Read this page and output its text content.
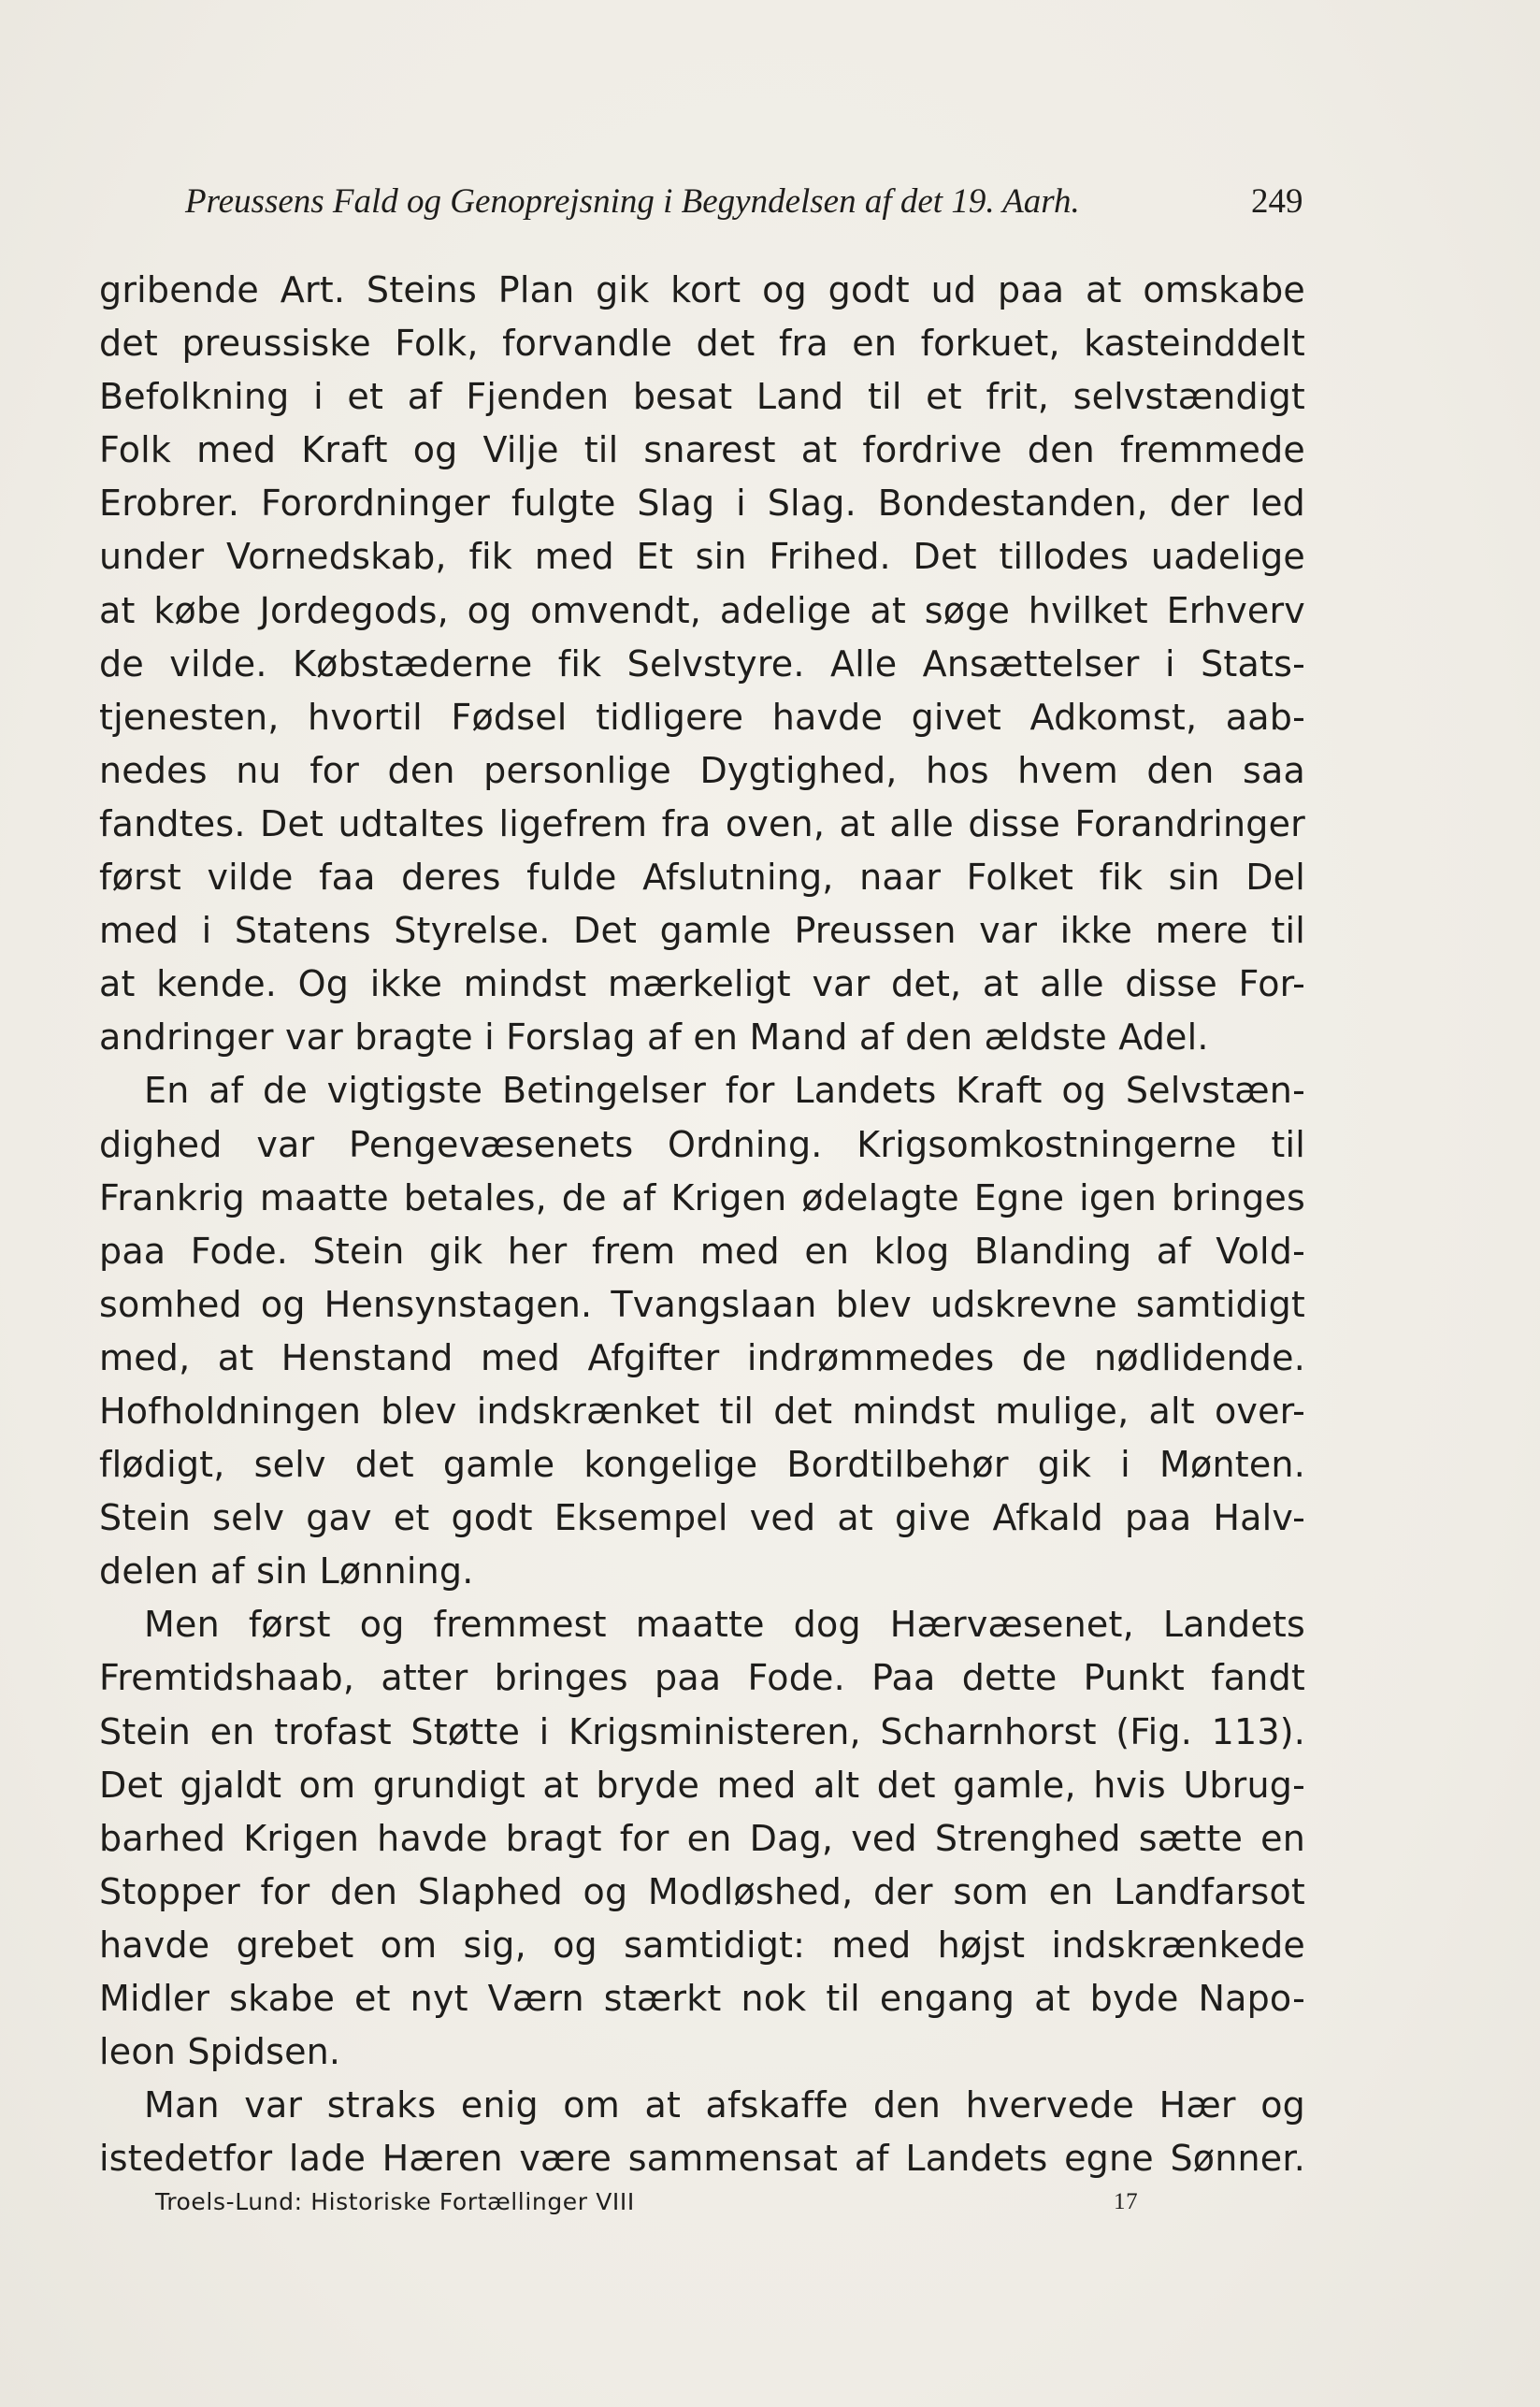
Preussens Fald og Genoprejsning i Begyndelsen af det 19. Aarh.	249
gribende Art. Steins Plan gik kort og godt ud paa at omskabe
det preussiske Folk, forvandle det fra en forkuet, kasteinddelt
Befolkning i et af Fjenden besat Land til et frit, selvstændigt
Folk med Kraft og Vilje til snarest at fordrive den fremmede
Erobrer. Forordninger fulgte Slag i Slag. Bondestanden, der led
under Vornedskab, fik med Et sin Frihed. Det tillodes uadelige
at købe Jordegods, og omvendt, adelige at søge hvilket Erhverv
de vilde. Købstæderne fik Selvstyre. Alle Ansættelser i Stats-
tjenesten, hvortil Fødsel tidligere havde givet Adkomst, aab-
nedes nu for den personlige Dygtighed, hos hvem den saa
fandtes. Det udtaltes ligefrem fra oven, at alle disse Forandringer
først vilde faa deres fulde Afslutning, naar Folket fik sin Del
med i Statens Styrelse. Det gamle Preussen var ikke mere til
at kende. Og ikke mindst mærkeligt var det, at alle disse For-
andringer var bragte i Forslag af en Mand af den ældste Adel.
En af de vigtigste Betingelser for Landets Kraft og Selvstæn-
dighed var Pengevæsenets Ordning. Krigsomkostningerne til
Frankrig maatte betales, de af Krigen ødelagte Egne igen bringes
paa Fode. Stein gik her frem med en klog Blanding af Vold-
somhed og Hensynstagen. Tvangslaan blev udskrevne samtidigt
med, at Henstand med Afgifter indrømmedes de nødlidende.
Hofholdningen blev indskrænket til det mindst mulige, alt over-
flødigt, selv det gamle kongelige Bordtilbehør gik i Mønten.
Stein selv gav et godt Eksempel ved at give Afkald paa Halv-
delen af sin Lønning.
Men først og fremmest maatte dog Hærvæsenet, Landets
Fremtidshaab, atter bringes paa Fode. Paa dette Punkt fandt
Stein en trofast Støtte i Krigsministeren, Scharnhorst (Fig. 113).
Det gjaldt om grundigt at bryde med alt det gamle, hvis Ubrug-
barhed Krigen havde bragt for en Dag, ved Strenghed sætte en
Stopper for den Slaphed og Modløshed, der som en Landfarsot
havde grebet om sig, og samtidigt: med højst indskrænkede
Midler skabe et nyt Værn stærkt nok til engang at byde Napo-
leon Spidsen.
Man var straks enig om at afskaffe den hvervede Hær og
istedetfor lade Hæren være sammensat af Landets egne Sønner.
Troels-Lund: Historiske Fortællinger VIII	17
